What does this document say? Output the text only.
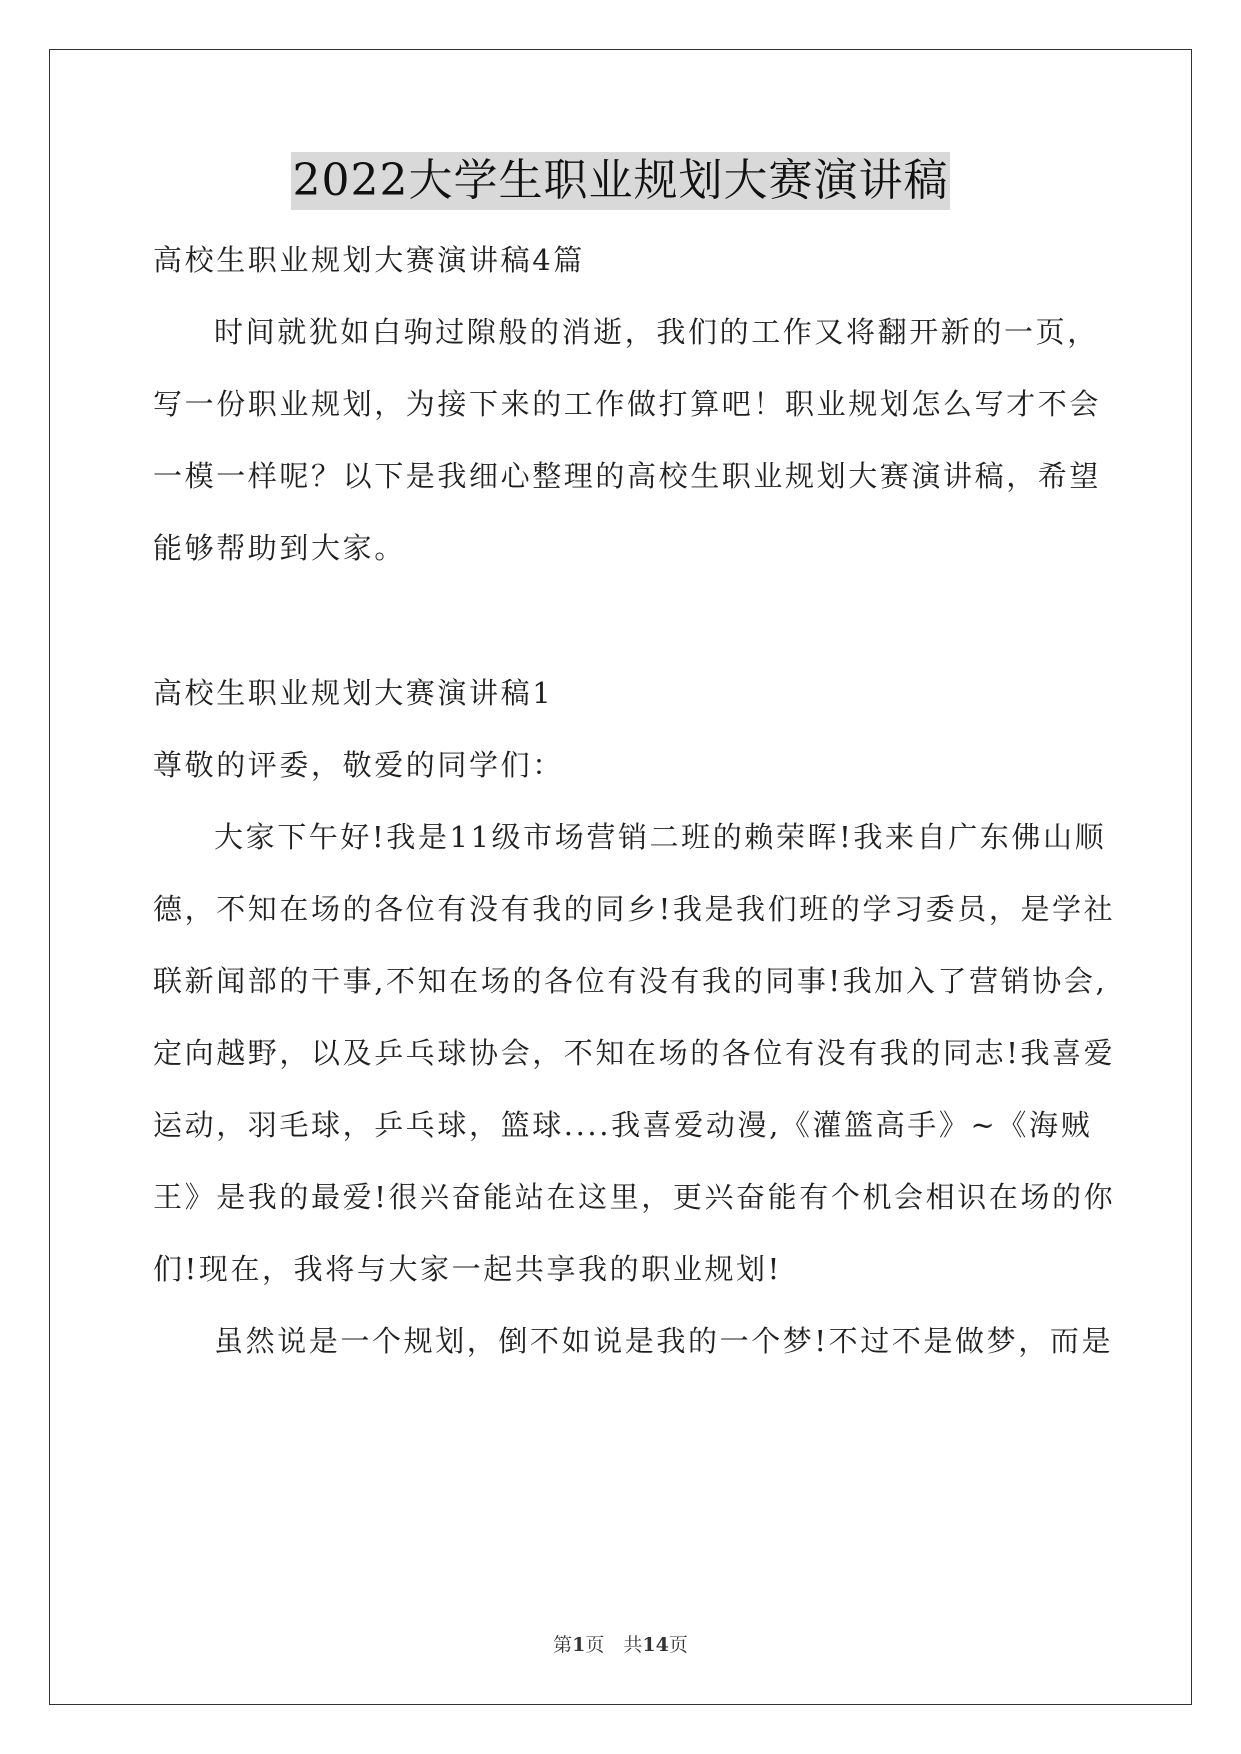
2022大学生职业规划大赛演讲稿
高校生职业规划大赛演讲稿4篇
时间就犹如白驹过隙般的消逝，我们的工作又将翻开新的一页，
写一份职业规划，为接下来的工作做打算吧！职业规划怎么写才不会
一模一样呢？以下是我细心整理的高校生职业规划大赛演讲稿，希望
能够帮助到大家。
高校生职业规划大赛演讲稿1
尊敬的评委，敬爱的同学们：
大家下午好!我是11级市场营销二班的赖荣晖!我来自广东佛山顺
德，不知在场的各位有没有我的同乡!我是我们班的学习委员，是学社
联新闻部的干事,不知在场的各位有没有我的同事!我加入了营销协会,
定向越野，以及乒乓球协会，不知在场的各位有没有我的同志!我喜爱
运动，羽毛球，乒乓球，篮球....我喜爱动漫,《灌篮高手》~《海贼
王》是我的最爱!很兴奋能站在这里，更兴奋能有个机会相识在场的你
们!现在，我将与大家一起共享我的职业规划!
虽然说是一个规划，倒不如说是我的一个梦!不过不是做梦，而是
第1页　共14页
